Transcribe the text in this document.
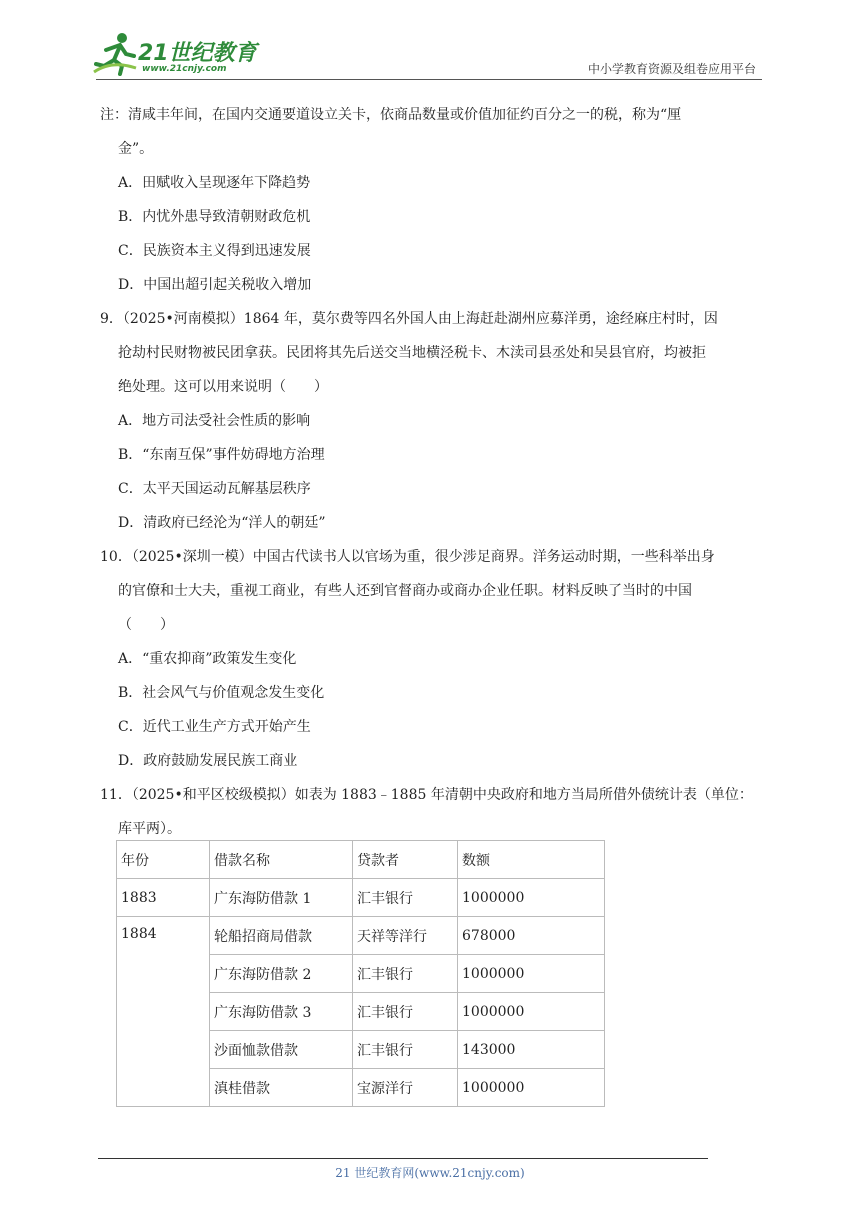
21世纪教育
www.21cnjy.com	中小学教育资源及组卷应用平台
注：清咸丰年间，在国内交通要道设立关卡，依商品数量或价值加征约百分之一的税，称为“厘
金”。
A．田赋收入呈现逐年下降趋势
B．内忧外患导致清朝财政危机
C．民族资本主义得到迅速发展
D．中国出超引起关税收入增加
9．（2025•河南模拟）1864 年，莫尔费等四名外国人由上海赶赴湖州应募洋勇，途经麻庄村时，因
抢劫村民财物被民团拿获。民团将其先后送交当地横泾税卡、木渎司县丞处和吴县官府，均被拒
绝处理。这可以用来说明（　　）
A．地方司法受社会性质的影响
B．“东南互保”事件妨碍地方治理
C．太平天国运动瓦解基层秩序
D．清政府已经沦为“洋人的朝廷”
10．（2025•深圳一模）中国古代读书人以官场为重，很少涉足商界。洋务运动时期，一些科举出身
的官僚和士大夫，重视工商业，有些人还到官督商办或商办企业任职。材料反映了当时的中国
（　　）
A．“重农抑商”政策发生变化
B．社会风气与价值观念发生变化
C．近代工业生产方式开始产生
D．政府鼓励发展民族工商业
11．（2025•和平区校级模拟）如表为 1883﹣1885 年清朝中央政府和地方当局所借外债统计表（单位：
库平两）。
年份	借款名称	贷款者	数额
1883	广东海防借款 1	汇丰银行	1000000
1884	轮船招商局借款	天祥等洋行	678000
	广东海防借款 2	汇丰银行	1000000
	广东海防借款 3	汇丰银行	1000000
	沙面恤款借款	汇丰银行	143000
	滇桂借款	宝源洋行	1000000
21 世纪教育网(www.21cnjy.com)
